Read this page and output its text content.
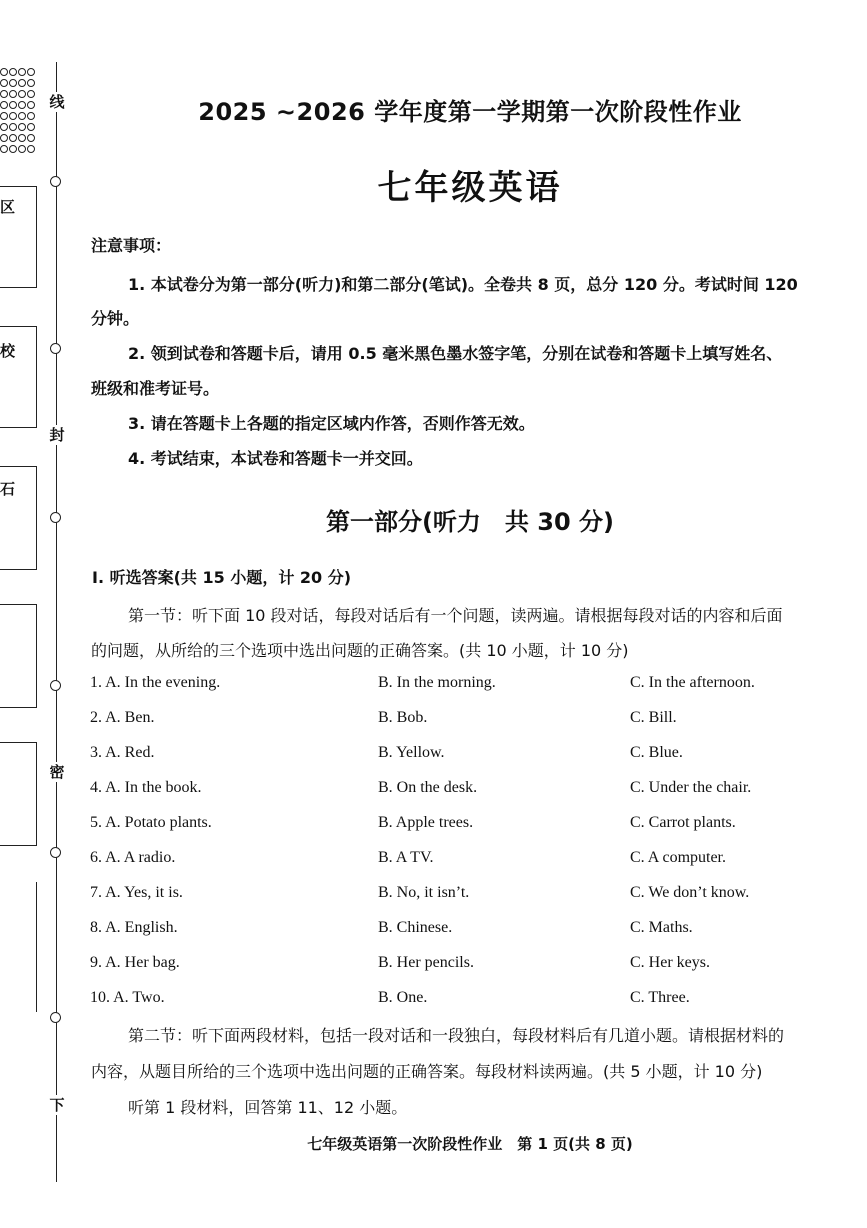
线
封
密
下
区
校
石
2025 ~2026 学年度第一学期第一次阶段性作业
七年级英语
注意事项：
1. 本试卷分为第一部分(听力)和第二部分(笔试)。全卷共 8 页，总分 120 分。考试时间 120
分钟。
2. 领到试卷和答题卡后，请用 0.5 毫米黑色墨水签字笔，分别在试卷和答题卡上填写姓名、
班级和准考证号。
3. 请在答题卡上各题的指定区域内作答，否则作答无效。
4. 考试结束，本试卷和答题卡一并交回。
第一部分(听力　共 30 分)
Ⅰ. 听选答案(共 15 小题，计 20 分)
第一节：听下面 10 段对话，每段对话后有一个问题，读两遍。请根据每段对话的内容和后面
的问题，从所给的三个选项中选出问题的正确答案。(共 10 小题，计 10 分)
1. A. In the evening.	B. In the morning.	C. In the afternoon.
2. A. Ben.	B. Bob.	C. Bill.
3. A. Red.	B. Yellow.	C. Blue.
4. A. In the book.	B. On the desk.	C. Under the chair.
5. A. Potato plants.	B. Apple trees.	C. Carrot plants.
6. A. A radio.	B. A TV.	C. A computer.
7. A. Yes, it is.	B. No, it isn’t.	C. We don’t know.
8. A. English.	B. Chinese.	C. Maths.
9. A. Her bag.	B. Her pencils.	C. Her keys.
10. A. Two.	B. One.	C. Three.
第二节：听下面两段材料，包括一段对话和一段独白，每段材料后有几道小题。请根据材料的
内容，从题目所给的三个选项中选出问题的正确答案。每段材料读两遍。(共 5 小题，计 10 分)
听第 1 段材料，回答第 11、12 小题。
七年级英语第一次阶段性作业　第 1 页(共 8 页)
